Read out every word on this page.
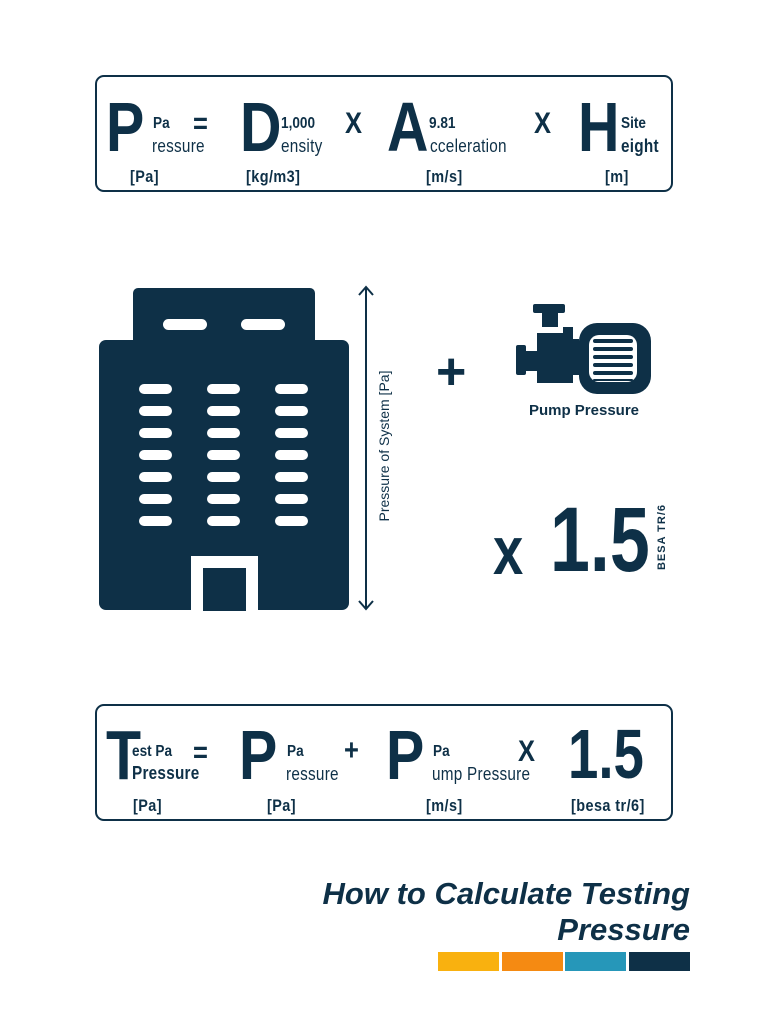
P Pa
ressure
[Pa]
= D 1,000
ensity
[kg/m3]
X A 9.81
cceleration
[m/s]
X H Site
eight
[m]
Pressure of System [Pa] +
Pump Pressure
x 1.5 BESA TR/6
T
est Pa
Pressure
[Pa]
= P Pa
ressure
[Pa]
+ P Pa
ump Pressure
[m/s]
X 1.5
[besa tr/6]
How to Calculate Testing
Pressure
